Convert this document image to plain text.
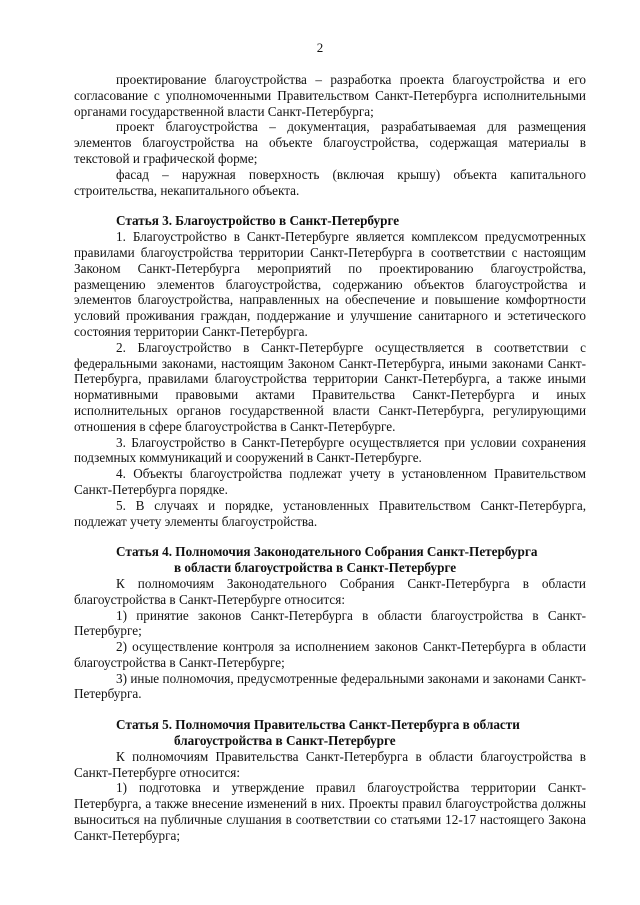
2

проектирование благоустройства – разработка проекта благоустройства и его согласование с уполномоченными Правительством Санкт-Петербурга исполнительными органами государственной власти Санкт-Петербурга;

проект благоустройства – документация, разрабатываемая для размещения элементов благоустройства на объекте благоустройства, содержащая материалы в текстовой и графической форме;

фасад – наружная поверхность (включая крышу) объекта капитального строительства, некапитального объекта.

Статья 3. Благоустройство в Санкт-Петербурге

1. Благоустройство в Санкт-Петербурге является комплексом предусмотренных правилами благоустройства территории Санкт-Петербурга в соответствии с настоящим Законом Санкт-Петербурга мероприятий по проектированию благоустройства, размещению элементов благоустройства, содержанию объектов благоустройства и элементов благоустройства, направленных на обеспечение и повышение комфортности условий проживания граждан, поддержание и улучшение санитарного и эстетического состояния территории Санкт-Петербурга.

2. Благоустройство в Санкт-Петербурге осуществляется в соответствии с федеральными законами, настоящим Законом Санкт-Петербурга, иными законами Санкт-Петербурга, правилами благоустройства территории Санкт-Петербурга, а также иными нормативными правовыми актами Правительства Санкт-Петербурга и иных исполнительных органов государственной власти Санкт-Петербурга, регулирующими отношения в сфере благоустройства в Санкт-Петербурге.

3. Благоустройство в Санкт-Петербурге осуществляется при условии сохранения подземных коммуникаций и сооружений в Санкт-Петербурге.

4. Объекты благоустройства подлежат учету в установленном Правительством Санкт-Петербурга порядке.

5. В случаях и порядке, установленных Правительством Санкт-Петербурга, подлежат учету элементы благоустройства.

Статья 4. Полномочия Законодательного Собрания Санкт-Петербурга
в области благоустройства в Санкт-Петербурге

К полномочиям Законодательного Собрания Санкт-Петербурга в области благоустройства в Санкт-Петербурге относится:

1) принятие законов Санкт-Петербурга в области благоустройства в Санкт-Петербурге;

2) осуществление контроля за исполнением законов Санкт-Петербурга в области благоустройства в Санкт-Петербурге;

3) иные полномочия, предусмотренные федеральными законами и законами Санкт-Петербурга.

Статья 5. Полномочия Правительства Санкт-Петербурга в области
благоустройства в Санкт-Петербурге

К полномочиям Правительства Санкт-Петербурга в области благоустройства в Санкт-Петербурге относится:

1) подготовка и утверждение правил благоустройства территории Санкт-Петербурга, а также внесение изменений в них. Проекты правил благоустройства должны выноситься на публичные слушания в соответствии со статьями 12-17 настоящего Закона Санкт-Петербурга;
